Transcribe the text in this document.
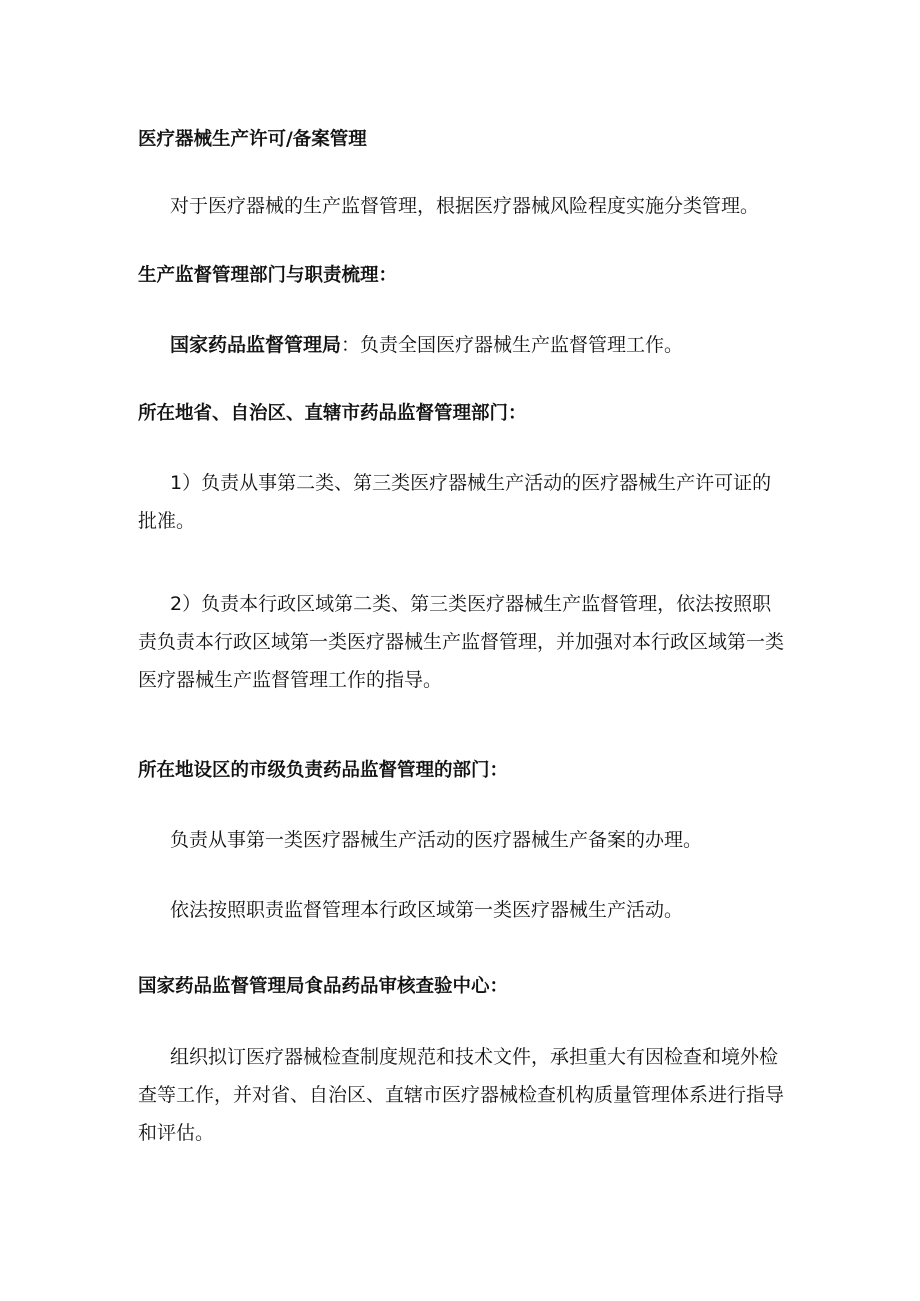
医疗器械生产许可/备案管理

对于医疗器械的生产监督管理，根据医疗器械风险程度实施分类管理。

生产监督管理部门与职责梳理：

国家药品监督管理局：负责全国医疗器械生产监督管理工作。

所在地省、自治区、直辖市药品监督管理部门：

1）负责从事第二类、第三类医疗器械生产活动的医疗器械生产许可证的批准。

2）负责本行政区域第二类、第三类医疗器械生产监督管理，依法按照职责负责本行政区域第一类医疗器械生产监督管理，并加强对本行政区域第一类医疗器械生产监督管理工作的指导。

所在地设区的市级负责药品监督管理的部门：

负责从事第一类医疗器械生产活动的医疗器械生产备案的办理。

依法按照职责监督管理本行政区域第一类医疗器械生产活动。

国家药品监督管理局食品药品审核查验中心：

组织拟订医疗器械检查制度规范和技术文件，承担重大有因检查和境外检查等工作，并对省、自治区、直辖市医疗器械检查机构质量管理体系进行指导和评估。
